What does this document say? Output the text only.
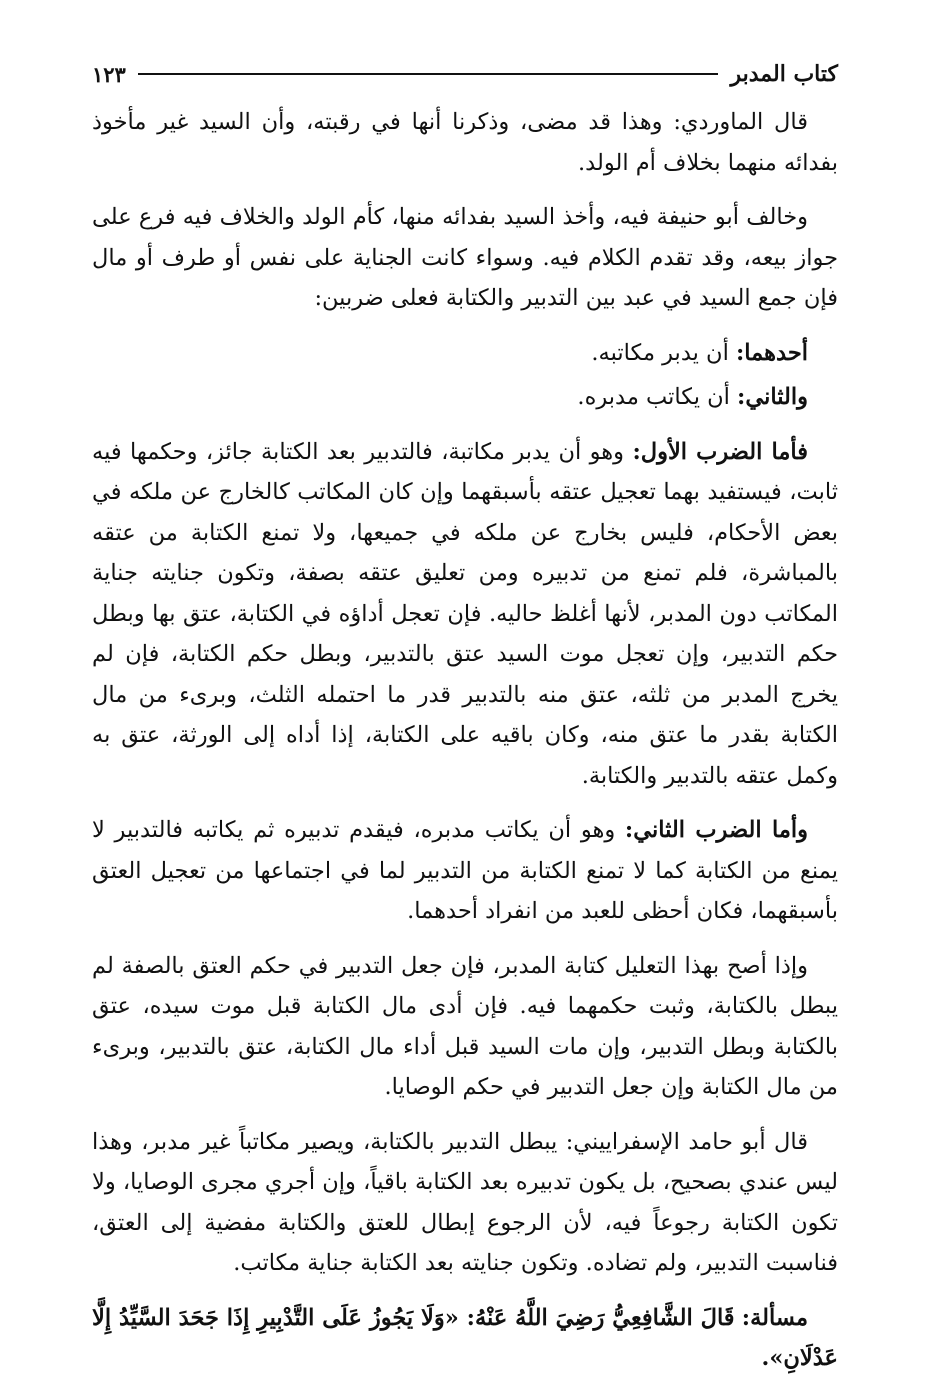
كتاب المدبر
١٢٣

قال الماوردي: وهذا قد مضى، وذكرنا أنها في رقبته، وأن السيد غير مأخوذ بفدائه منهما بخلاف أم الولد.

وخالف أبو حنيفة فيه، وأخذ السيد بفدائه منها، كأم الولد والخلاف فيه فرع على جواز بيعه، وقد تقدم الكلام فيه. وسواء كانت الجناية على نفس أو طرف أو مال فإن جمع السيد في عبد بين التدبير والكتابة فعلى ضربين:

أحدهما: أن يدبر مكاتبه.

والثاني: أن يكاتب مدبره.

فأما الضرب الأول: وهو أن يدبر مكاتبة، فالتدبير بعد الكتابة جائز، وحكمها فيه ثابت، فيستفيد بهما تعجيل عتقه بأسبقهما وإن كان المكاتب كالخارج عن ملكه في بعض الأحكام، فليس بخارج عن ملكه في جميعها، ولا تمنع الكتابة من عتقه بالمباشرة، فلم تمنع من تدبيره ومن تعليق عتقه بصفة، وتكون جنايته جناية المكاتب دون المدبر، لأنها أغلظ حاليه. فإن تعجل أداؤه في الكتابة، عتق بها وبطل حكم التدبير، وإن تعجل موت السيد عتق بالتدبير، وبطل حكم الكتابة، فإن لم يخرج المدبر من ثلثه، عتق منه بالتدبير قدر ما احتمله الثلث، وبرىء من مال الكتابة بقدر ما عتق منه، وكان باقيه على الكتابة، إذا أداه إلى الورثة، عتق به وكمل عتقه بالتدبير والكتابة.

وأما الضرب الثاني: وهو أن يكاتب مدبره، فيقدم تدبيره ثم يكاتبه فالتدبير لا يمنع من الكتابة كما لا تمنع الكتابة من التدبير لما في اجتماعها من تعجيل العتق بأسبقهما، فكان أحظى للعبد من انفراد أحدهما.

وإذا أصح بهذا التعليل كتابة المدبر، فإن جعل التدبير في حكم العتق بالصفة لم يبطل بالكتابة، وثبت حكمهما فيه. فإن أدى مال الكتابة قبل موت سيده، عتق بالكتابة وبطل التدبير، وإن مات السيد قبل أداء مال الكتابة، عتق بالتدبير، وبرىء من مال الكتابة وإن جعل التدبير في حكم الوصايا.

قال أبو حامد الإسفراييني: يبطل التدبير بالكتابة، ويصير مكاتباً غير مدبر، وهذا ليس عندي بصحيح، بل يكون تدبيره بعد الكتابة باقياً، وإن أجري مجرى الوصايا، ولا تكون الكتابة رجوعاً فيه، لأن الرجوع إبطال للعتق والكتابة مفضية إلى العتق، فناسبت التدبير، ولم تضاده. وتكون جنايته بعد الكتابة جناية مكاتب.

مسألة: قَالَ الشَّافِعِيُّ رَضِيَ اللَّهُ عَنْهُ: «وَلَا يَجُوزُ عَلَى التَّدْبِيرِ إِذَا جَحَدَ السَّيِّدُ إِلَّا عَدْلَانِ».
